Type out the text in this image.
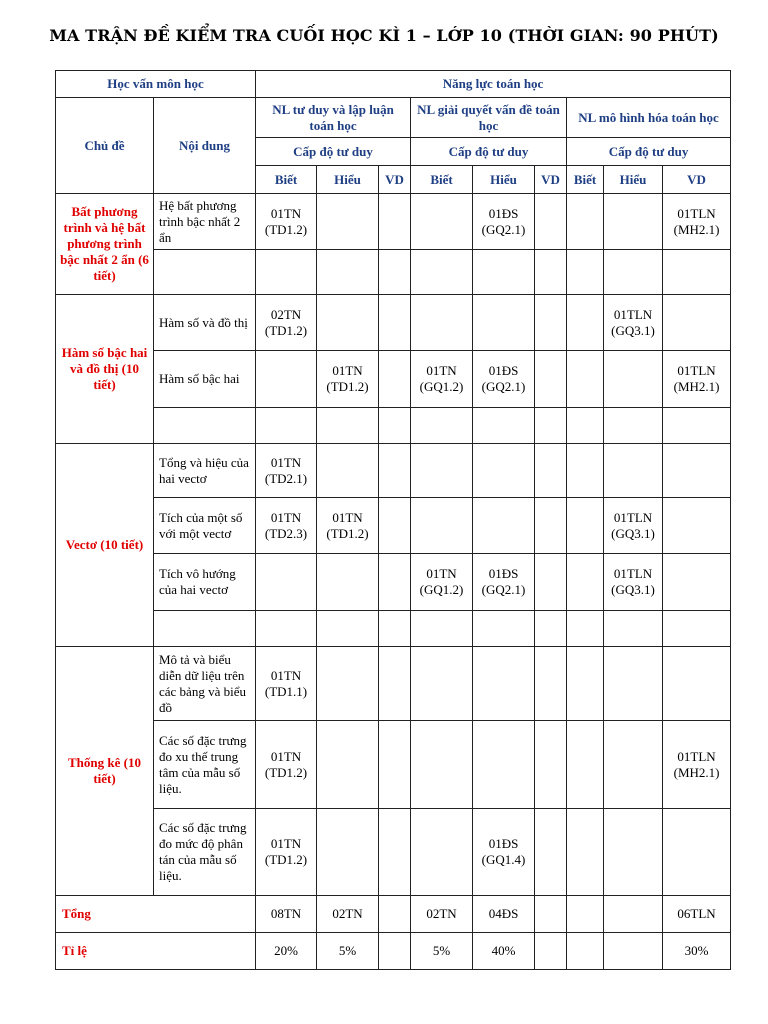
MA TRẬN ĐỀ KIỂM TRA CUỐI HỌC KÌ 1 – LỚP 10 (THỜI GIAN: 90 PHÚT)
Học vấn môn học		Năng lực toán học								
Chủ đề	Nội dung	NL tư duy và lập luận toán học			NL giải quyết vấn đề toán học			NL mô hình hóa toán học		
		Cấp độ tư duy			Cấp độ tư duy			Cấp độ tư duy		
		Biết	Hiểu	VD	Biết	Hiểu	VD	Biết	Hiểu	VD
Bất phương trình và hệ bất phương trình bậc nhất 2 ẩn (6 tiết)	Hệ bất phương trình bậc nhất 2 ẩn	01TN (TD1.2)				01ĐS (GQ2.1)				01TLN (MH2.1)

Hàm số bậc hai và đồ thị (10 tiết)	Hàm số và đồ thị	02TN (TD1.2)							01TLN (GQ3.1)	
	Hàm số bậc hai		01TN (TD1.2)		01TN (GQ1.2)	01ĐS (GQ2.1)				01TLN (MH2.1)

Vectơ (10 tiết)	Tổng và hiệu của hai vectơ	01TN (TD2.1)								
	Tích của một số với một vectơ	01TN (TD2.3)	01TN (TD1.2)						01TLN (GQ3.1)	
	Tích vô hướng của hai vectơ				01TN (GQ1.2)	01ĐS (GQ2.1)			01TLN (GQ3.1)	

Thống kê (10 tiết)	Mô tả và biểu diễn dữ liệu trên các bảng và biểu đồ	01TN (TD1.1)								
	Các số đặc trưng đo xu thế trung tâm của mẫu số liệu.	01TN (TD1.2)								01TLN (MH2.1)
	Các số đặc trưng đo mức độ phân tán của mẫu số liệu.	01TN (TD1.2)				01ĐS (GQ1.4)				
Tổng		08TN	02TN		02TN	04ĐS				06TLN
Tỉ lệ		20%	5%		5%	40%				30%
